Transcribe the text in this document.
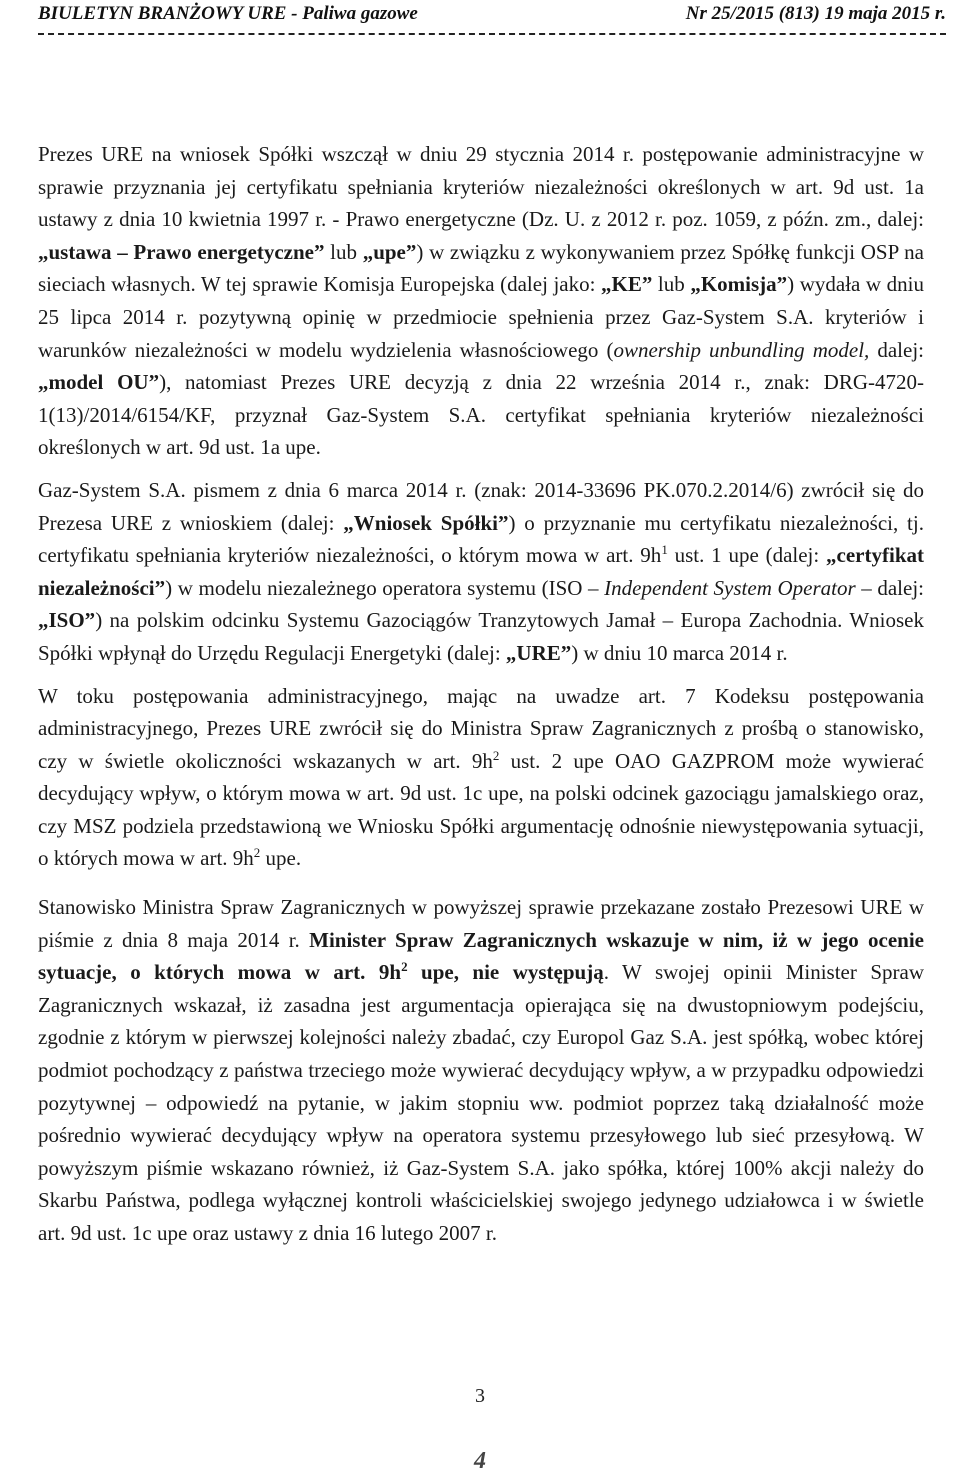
BIULETYN BRANŻOWY URE - Paliwa gazowe	Nr 25/2015 (813) 19 maja 2015 r.

Prezes URE na wniosek Spółki wszczął w dniu 29 stycznia 2014 r. postępowanie administracyjne w sprawie przyznania jej certyfikatu spełniania kryteriów niezależności określonych w art. 9d ust. 1a ustawy z dnia 10 kwietnia 1997 r. - Prawo energetyczne (Dz. U. z 2012 r. poz. 1059, z późn. zm., dalej: „ustawa – Prawo energetyczne” lub „upe”) w związku z wykonywaniem przez Spółkę funkcji OSP na sieciach własnych. W tej sprawie Komisja Europejska (dalej jako: „KE” lub „Komisja”) wydała w dniu 25 lipca 2014 r. pozytywną opinię w przedmiocie spełnienia przez Gaz-System S.A. kryteriów i warunków niezależności w modelu wydzielenia własnościowego (ownership unbundling model, dalej: „model OU”), natomiast Prezes URE decyzją z dnia 22 września 2014 r., znak: DRG-4720-1(13)/2014/6154/KF, przyznał Gaz-System S.A. certyfikat spełniania kryteriów niezależności określonych w art. 9d ust. 1a upe.

Gaz-System S.A. pismem z dnia 6 marca 2014 r. (znak: 2014-33696 PK.070.2.2014/6) zwrócił się do Prezesa URE z wnioskiem (dalej: „Wniosek Spółki”) o przyznanie mu certyfikatu niezależności, tj. certyfikatu spełniania kryteriów niezależności, o którym mowa w art. $9h^1$ ust. 1 upe (dalej: „certyfikat niezależności”) w modelu niezależnego operatora systemu (ISO – Independent System Operator – dalej: „ISO”) na polskim odcinku Systemu Gazociągów Tranzytowych Jamał – Europa Zachodnia. Wniosek Spółki wpłynął do Urzędu Regulacji Energetyki (dalej: „URE”) w dniu 10 marca 2014 r.

W toku postępowania administracyjnego, mając na uwadze art. 7 Kodeksu postępowania administracyjnego, Prezes URE zwrócił się do Ministra Spraw Zagranicznych z prośbą o stanowisko, czy w świetle okoliczności wskazanych w art. $9h^2$ ust. 2 upe OAO GAZPROM może wywierać decydujący wpływ, o którym mowa w art. 9d ust. 1c upe, na polski odcinek gazociągu jamalskiego oraz, czy MSZ podziela przedstawioną we Wniosku Spółki argumentację odnośnie niewystępowania sytuacji, o których mowa w art. $9h^2$ upe.

Stanowisko Ministra Spraw Zagranicznych w powyższej sprawie przekazane zostało Prezesowi URE w piśmie z dnia 8 maja 2014 r. Minister Spraw Zagranicznych wskazuje w nim, iż w jego ocenie sytuacje, o których mowa w art. $9h^2$ upe, nie występują. W swojej opinii Minister Spraw Zagranicznych wskazał, iż zasadna jest argumentacja opierająca się na dwustopniowym podejściu, zgodnie z którym w pierwszej kolejności należy zbadać, czy Europol Gaz S.A. jest spółką, wobec której podmiot pochodzący z państwa trzeciego może wywierać decydujący wpływ, a w przypadku odpowiedzi pozytywnej – odpowiedź na pytanie, w jakim stopniu ww. podmiot poprzez taką działalność może pośrednio wywierać decydujący wpływ na operatora systemu przesyłowego lub sieć przesyłową. W powyższym piśmie wskazano również, iż Gaz-System S.A. jako spółka, której 100% akcji należy do Skarbu Państwa, podlega wyłącznej kontroli właścicielskiej swojego jedynego udziałowca i w świetle art. 9d ust. 1c upe oraz ustawy z dnia 16 lutego 2007 r.

3
4
